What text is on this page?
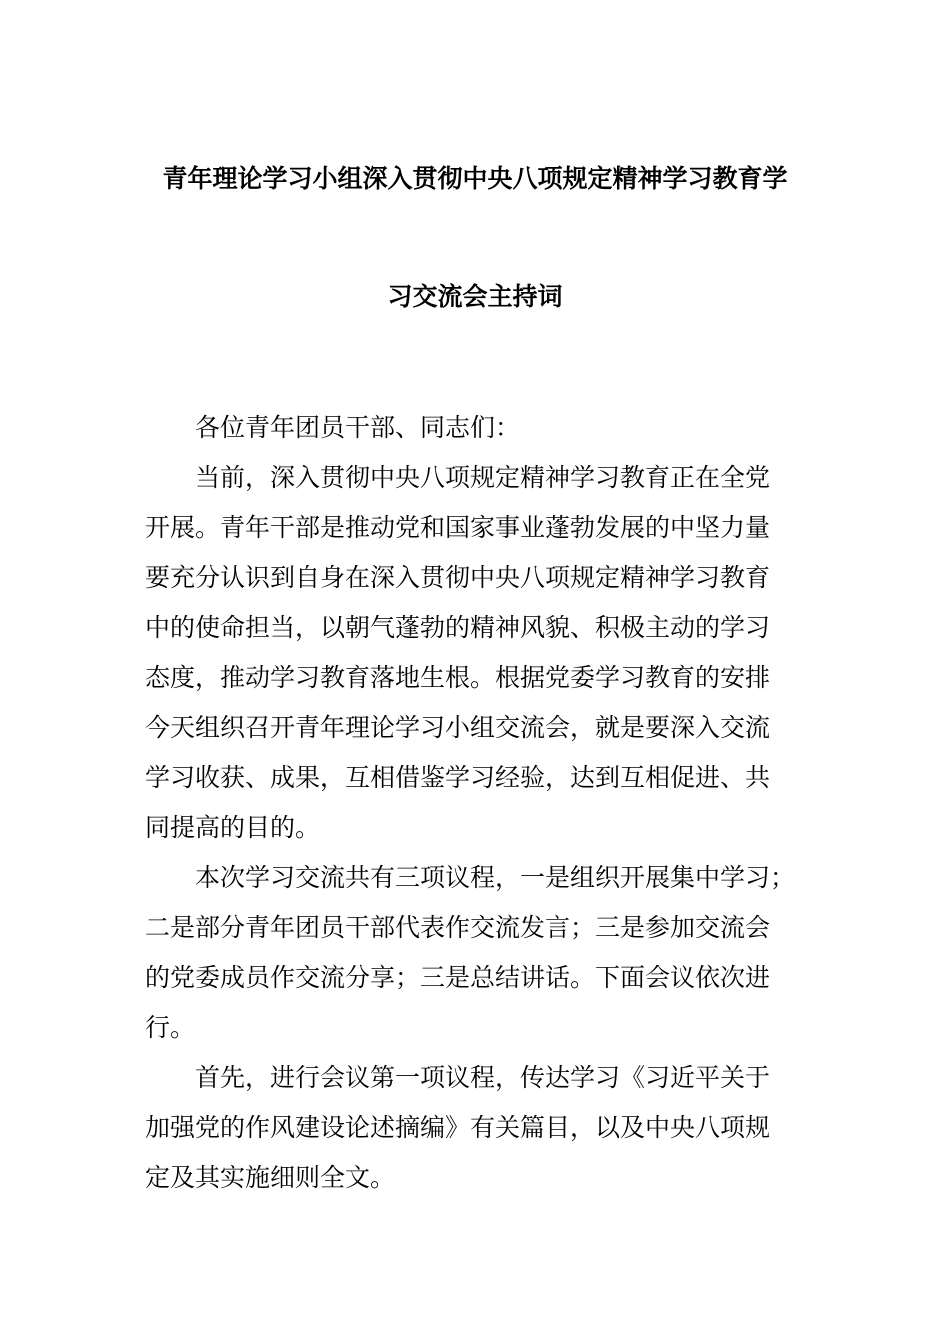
青年理论学习小组深入贯彻中央八项规定精神学习教育学
习交流会主持词
各位青年团员干部、同志们：
当前，深入贯彻中央八项规定精神学习教育正在全党
开展。青年干部是推动党和国家事业蓬勃发展的中坚力量
要充分认识到自身在深入贯彻中央八项规定精神学习教育
中的使命担当，以朝气蓬勃的精神风貌、积极主动的学习
态度，推动学习教育落地生根。根据党委学习教育的安排
今天组织召开青年理论学习小组交流会，就是要深入交流
学习收获、成果，互相借鉴学习经验，达到互相促进、共
同提高的目的。
本次学习交流共有三项议程，一是组织开展集中学习；
二是部分青年团员干部代表作交流发言；三是参加交流会
的党委成员作交流分享；三是总结讲话。下面会议依次进
行。
首先，进行会议第一项议程，传达学习《习近平关于
加强党的作风建设论述摘编》有关篇目，以及中央八项规
定及其实施细则全文。
